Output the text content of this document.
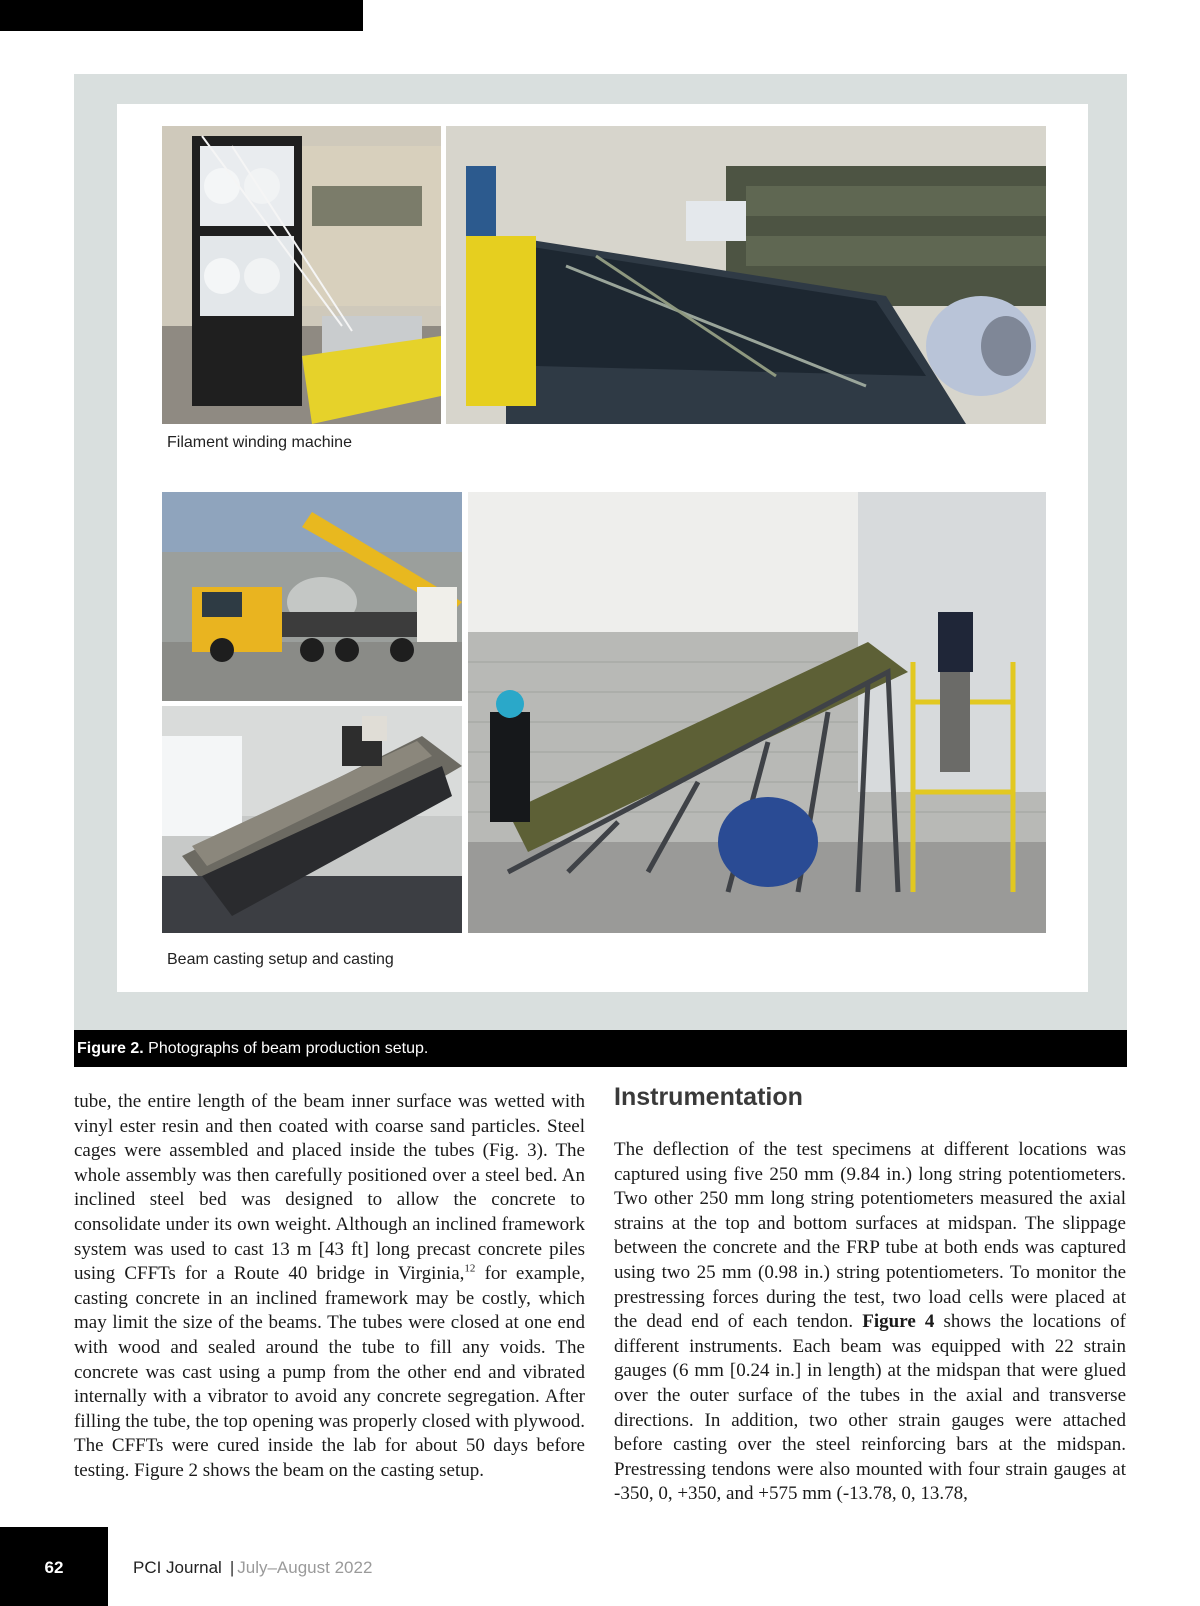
Filament winding machine
Beam casting setup and casting
Figure 2. Photographs of beam production setup.

tube, the entire length of the beam inner surface was wetted with vinyl ester resin and then coated with coarse sand particles. Steel cages were assembled and placed inside the tubes (Fig. 3). The whole assembly was then carefully positioned over a steel bed. An inclined steel bed was designed to allow the concrete to consolidate under its own weight. Although an inclined framework system was used to cast 13 m [43 ft] long precast concrete piles using CFFTs for a Route 40 bridge in Virginia,$^{12}$ for example, casting concrete in an inclined framework may be costly, which may limit the size of the beams. The tubes were closed at one end with wood and sealed around the tube to fill any voids. The concrete was cast using a pump from the other end and vibrated internally with a vibrator to avoid any concrete segregation. After filling the tube, the top opening was properly closed with plywood. The CFFTs were cured inside the lab for about 50 days before testing. Figure 2 shows the beam on the casting setup.

Instrumentation

The deflection of the test specimens at different locations was captured using five 250 mm (9.84 in.) long string potentiometers. Two other 250 mm long string potentiometers measured the axial strains at the top and bottom surfaces at midspan. The slippage between the concrete and the FRP tube at both ends was captured using two 25 mm (0.98 in.) string potentiometers. To monitor the prestressing forces during the test, two load cells were placed at the dead end of each tendon. Figure 4 shows the locations of different instruments. Each beam was equipped with 22 strain gauges (6 mm [0.24 in.] in length) at the midspan that were glued over the outer surface of the tubes in the axial and transverse directions. In addition, two other strain gauges were attached before casting over the steel reinforcing bars at the midspan. Prestressing tendons were also mounted with four strain gauges at -350, 0, +350, and +575 mm (-13.78, 0, 13.78,

62	PCI Journal | July–August 2022
